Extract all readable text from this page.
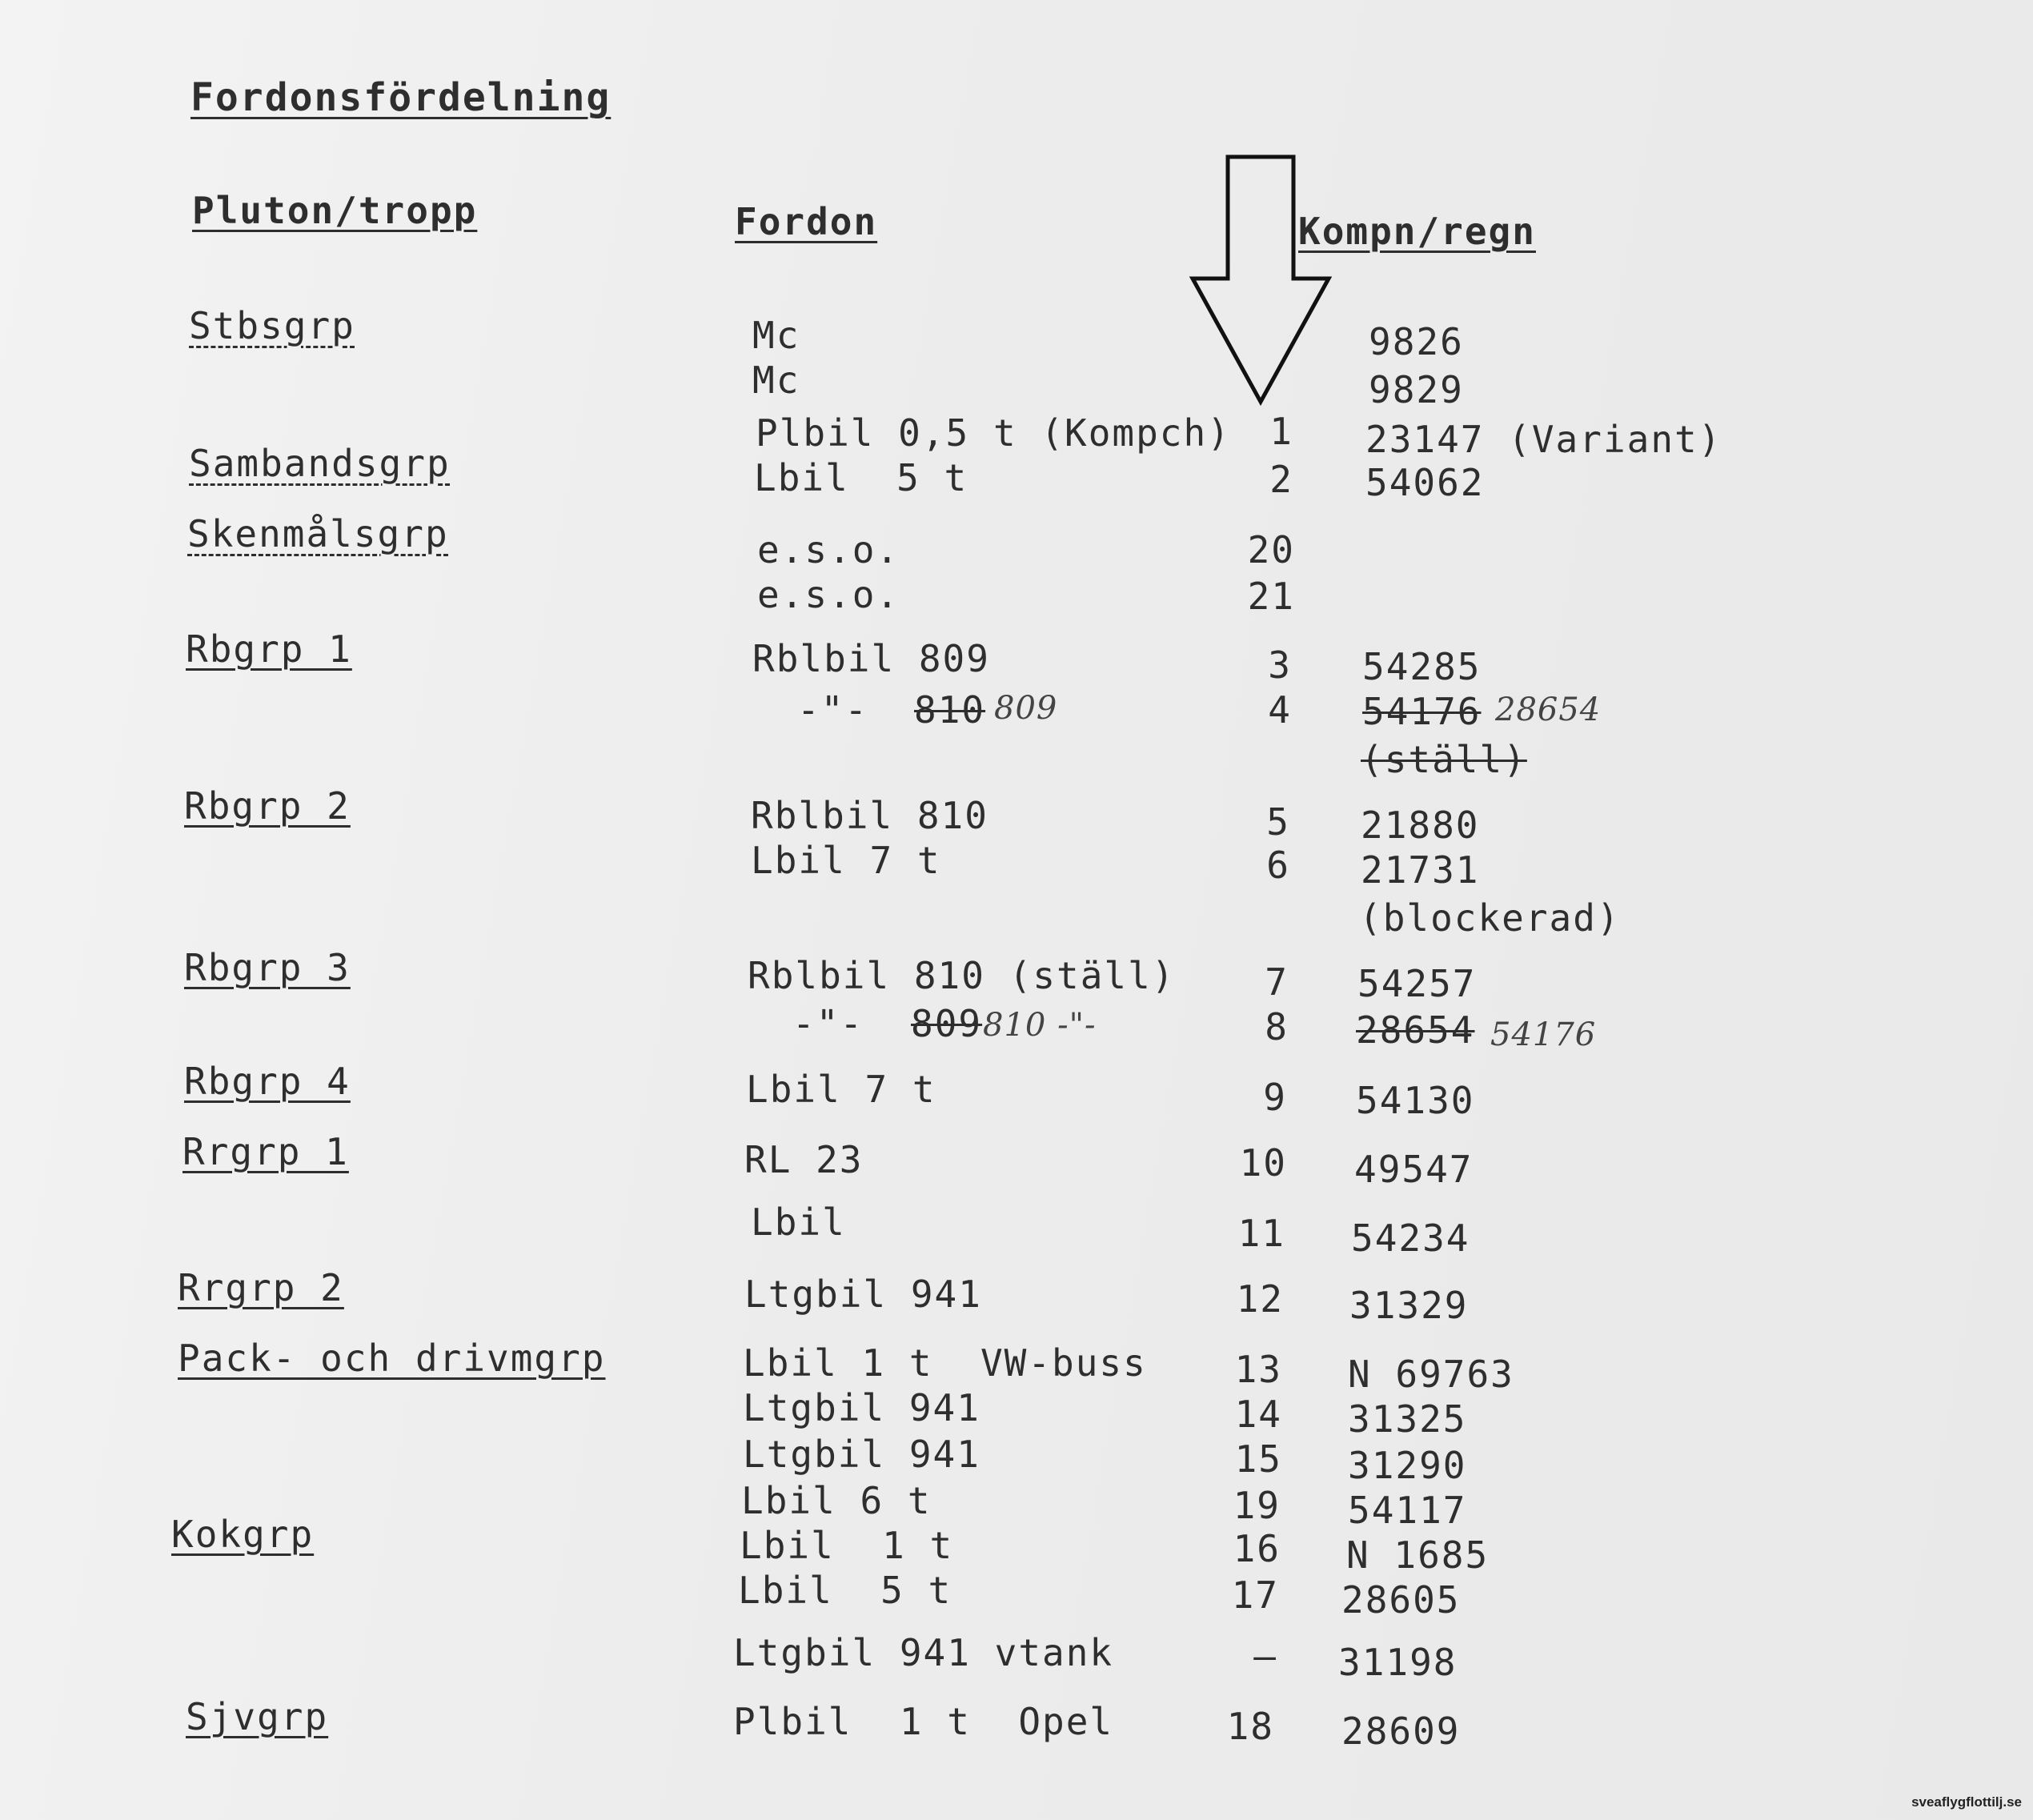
Fordonsfördelning
Pluton/tropp	Fordon	Kompn/regn
Stbsgrp
Sambandsgrp
Skenmålsgrp
Rbgrp 1
Rbgrp 2
Rbgrp 3
Rbgrp 4
Rrgrp 1
Rrgrp 2
Pack- och drivmgrp
Kokgrp
Sjvgrp
Mc
Mc
Plbil 0,5 t (Kompch)
Lbil  5 t
e.s.o.
e.s.o.
Rblbil 809
-"- 810 809
Rblbil 810
Lbil 7 t
Rblbil 810 (ställ)
-"- 809 810 -"-
Lbil 7 t
RL 23
Lbil
Ltgbil 941
Lbil 1 t  VW-buss
Ltgbil 941
Ltgbil 941
Lbil 6 t
Lbil  1 t
Lbil  5 t
Ltgbil 941 vtank
Plbil  1 t  Opel
1
2
20
21
3
4
5
6
7
8
9
10
11
12
13
14
15
19
16
17
—
18
9826
9829
23147 (Variant)
54062
54285
54176 28654
(ställ)
21880
21731
(blockerad)
54257
28654 54176
54130
49547
54234
31329
N 69763
31325
31290
54117
N 1685
28605
31198
28609
sveaflygflottilj.se
